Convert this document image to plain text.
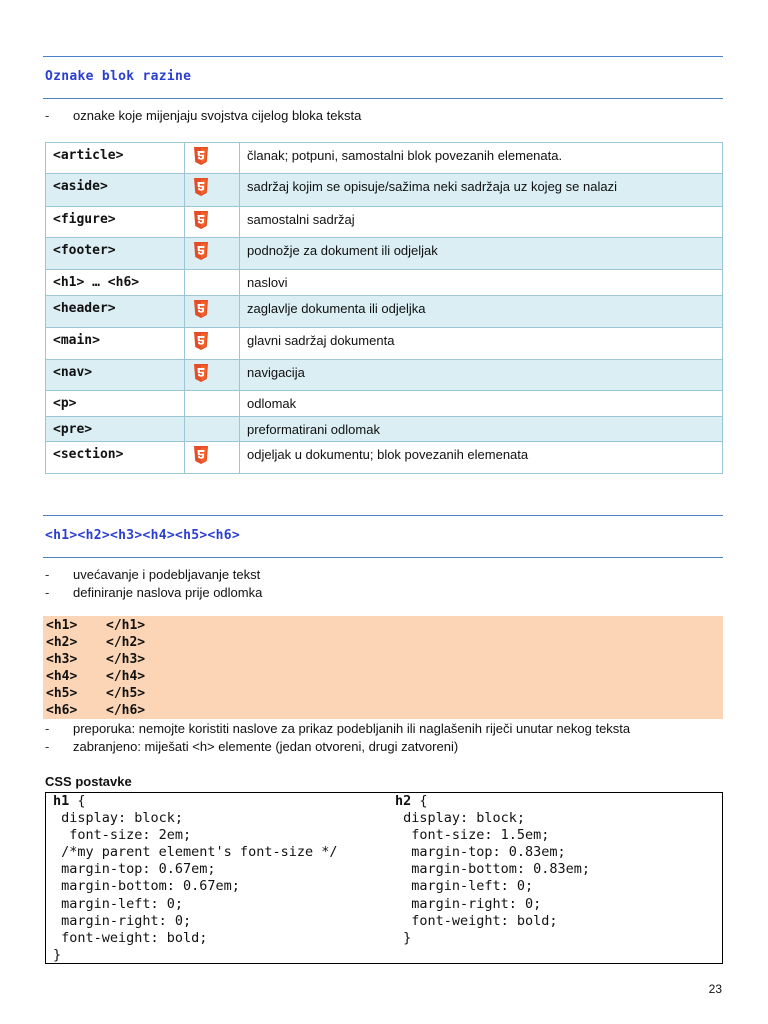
Oznake blok razine
- oznake koje mijenjaju svojstva cijelog bloka teksta
<article>		članak; potpuni, samostalni blok povezanih elemenata.
<aside>		sadržaj kojim se opisuje/sažima neki sadržaja uz kojeg se nalazi
<figure>		samostalni sadržaj
<footer>		podnožje za dokument ili odjeljak
<h1> … <h6>		naslovi
<header>		zaglavlje dokumenta ili odjeljka
<main>		glavni sadržaj dokumenta
<nav>		navigacija
<p>		odlomak
<pre>		preformatirani odlomak
<section>		odjeljak u dokumentu; blok povezanih elemenata
<h1><h2><h3><h4><h5><h6>
- uvećavanje i podebljavanje tekst
- definiranje naslova prije odlomka
<h1> </h1>
<h2> </h2>
<h3> </h3>
<h4> </h4>
<h5> </h5>
<h6> </h6>
- preporuka: nemojte koristiti naslove za prikaz podebljanih ili naglašenih riječi unutar nekog teksta
- zabranjeno: miješati <h> elemente (jedan otvoreni, drugi zatvoreni)
CSS postavke
h1 {
display: block;
font-size: 2em;
/*my parent element's font-size */
margin-top: 0.67em;
margin-bottom: 0.67em;
margin-left: 0;
margin-right: 0;
font-weight: bold;
}
h2 {
display: block;
font-size: 1.5em;
margin-top: 0.83em;
margin-bottom: 0.83em;
margin-left: 0;
margin-right: 0;
font-weight: bold;
}
23
